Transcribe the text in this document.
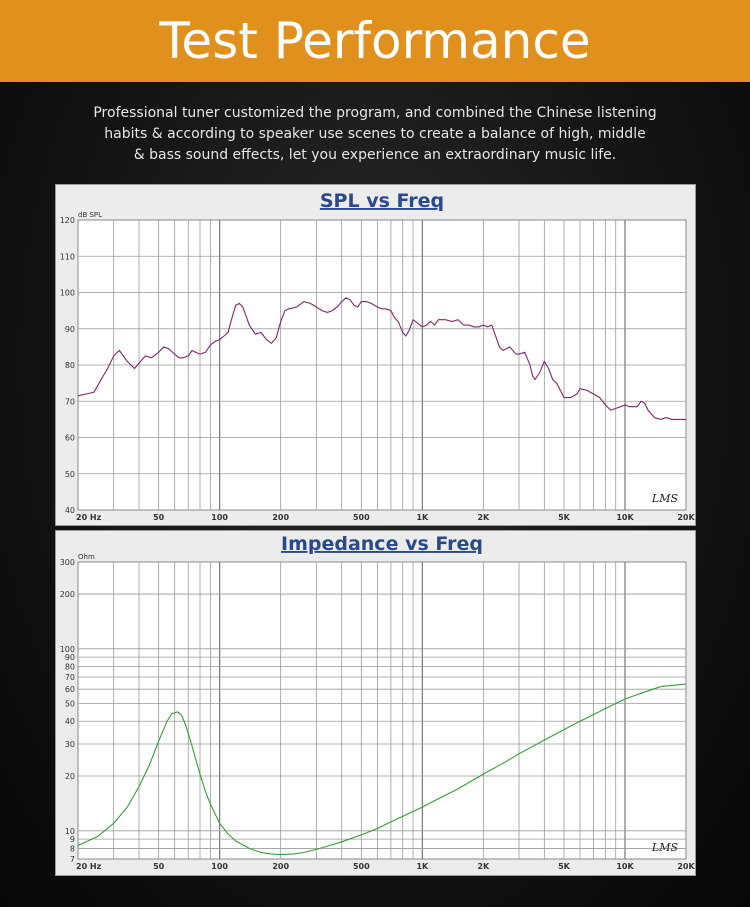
Test Performance
Professional tuner customized the program, and combined the Chinese listening
habits & according to speaker use scenes to create a balance of high, middle
& bass sound effects, let you experience an extraordinary music life.
40
50
60
70
80
90
100
110
120
20 Hz	50	100	200	500	1K	2K	5K	10K	20K
dB SPL
SPL vs Freq
LMS
7
8
9
10
20
30
40
50
60
70
80
90
100
200
300
20 Hz	50	100	200	500	1K	2K	5K	10K	20K
Ohm
Impedance vs Freq
LMS
